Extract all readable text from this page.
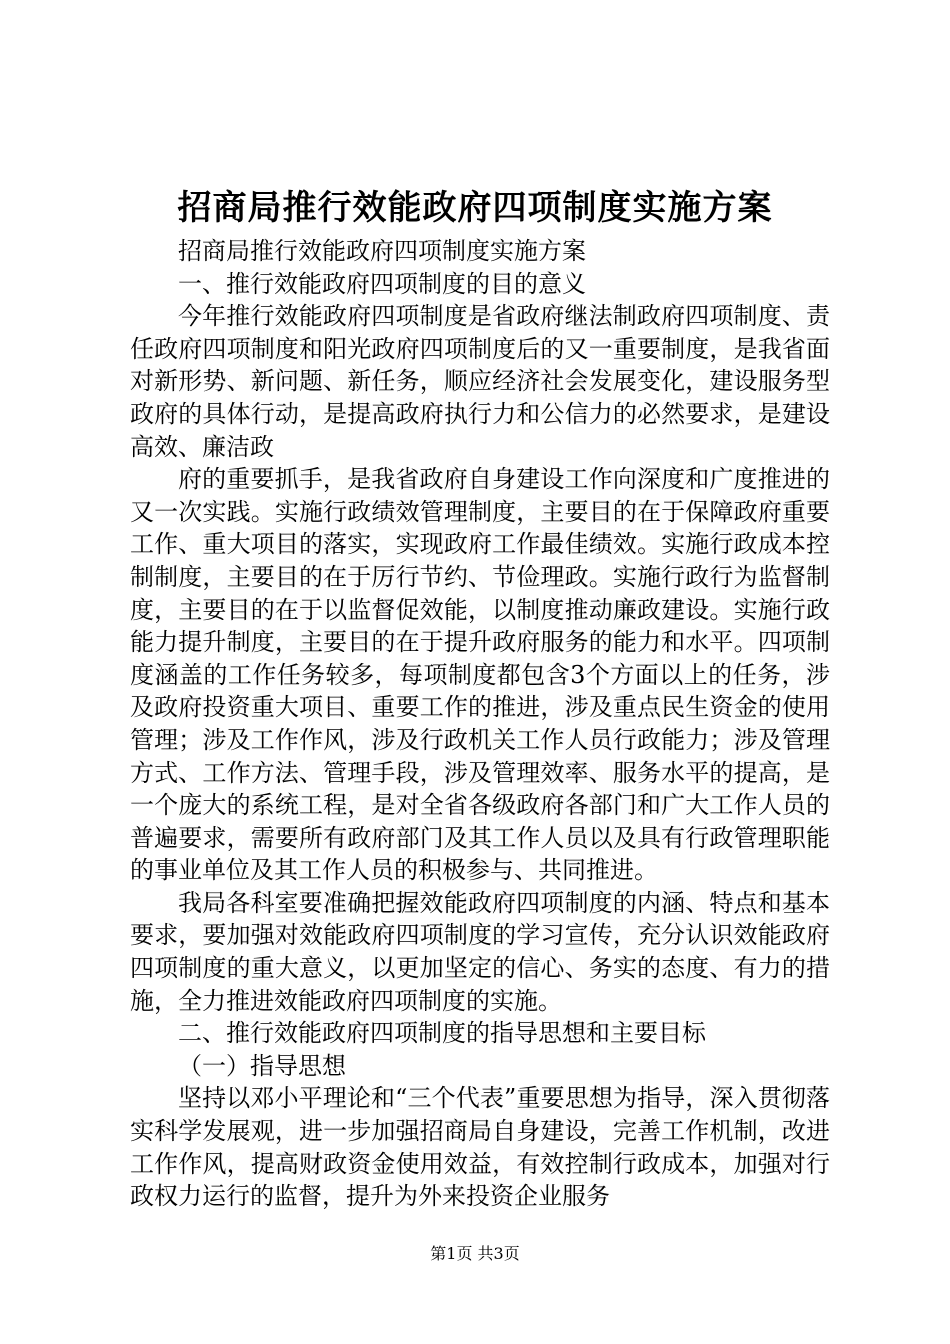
招商局推行效能政府四项制度实施方案

招商局推行效能政府四项制度实施方案

一、推行效能政府四项制度的目的意义

今年推行效能政府四项制度是省政府继法制政府四项制度、责任政府四项制度和阳光政府四项制度后的又一重要制度，是我省面对新形势、新问题、新任务，顺应经济社会发展变化，建设服务型政府的具体行动，是提高政府执行力和公信力的必然要求，是建设高效、廉洁政

府的重要抓手，是我省政府自身建设工作向深度和广度推进的又一次实践。实施行政绩效管理制度，主要目的在于保障政府重要工作、重大项目的落实，实现政府工作最佳绩效。实施行政成本控制制度，主要目的在于厉行节约、节俭理政。实施行政行为监督制度，主要目的在于以监督促效能，以制度推动廉政建设。实施行政能力提升制度，主要目的在于提升政府服务的能力和水平。四项制度涵盖的工作任务较多，每项制度都包含3个方面以上的任务，涉及政府投资重大项目、重要工作的推进，涉及重点民生资金的使用管理；涉及工作作风，涉及行政机关工作人员行政能力；涉及管理方式、工作方法、管理手段，涉及管理效率、服务水平的提高，是一个庞大的系统工程，是对全省各级政府各部门和广大工作人员的普遍要求，需要所有政府部门及其工作人员以及具有行政管理职能的事业单位及其工作人员的积极参与、共同推进。

我局各科室要准确把握效能政府四项制度的内涵、特点和基本要求，要加强对效能政府四项制度的学习宣传，充分认识效能政府四项制度的重大意义，以更加坚定的信心、务实的态度、有力的措施，全力推进效能政府四项制度的实施。

二、推行效能政府四项制度的指导思想和主要目标

（一）指导思想

坚持以邓小平理论和“三个代表”重要思想为指导，深入贯彻落实科学发展观，进一步加强招商局自身建设，完善工作机制，改进工作作风，提高财政资金使用效益，有效控制行政成本，加强对行政权力运行的监督，提升为外来投资企业服务

第1页 共3页
